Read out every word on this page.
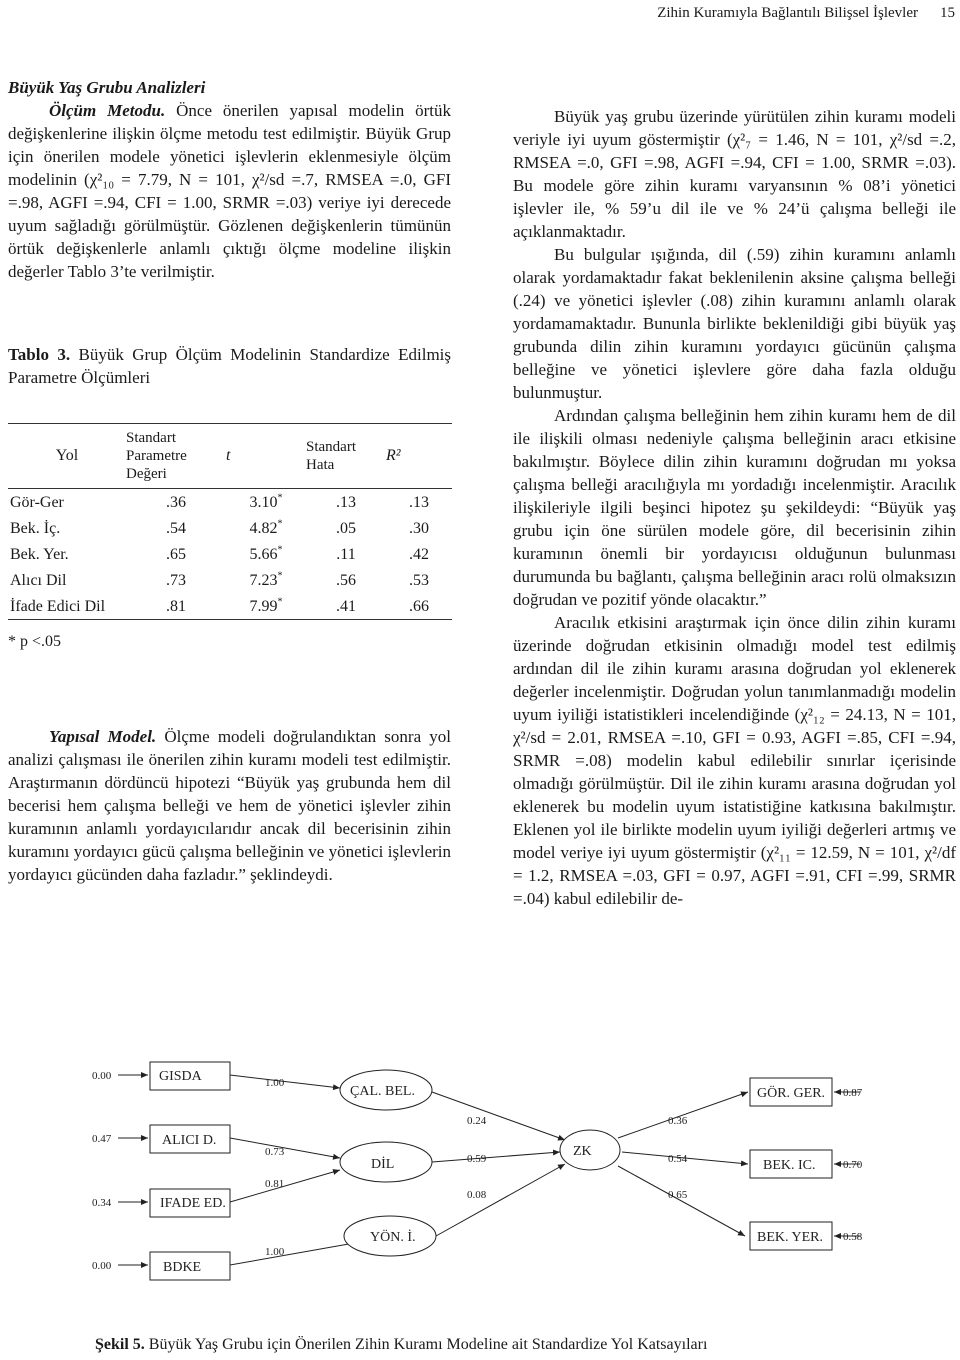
Zihin Kuramıyla Bağlantılı Bilişsel İşlevler 15

Büyük Yaş Grubu Analizleri

Ölçüm Metodu. Önce önerilen yapısal modelin örtük değişkenlerine ilişkin ölçme metodu test edilmiştir. Büyük Grup için önerilen modele yönetici işlevlerin eklenmesiyle ölçüm modelinin (χ²₁₀ = 7.79, N = 101, χ²/sd =.7, RMSEA =.0, GFI =.98, AGFI =.94, CFI = 1.00, SRMR =.03) veriye iyi derecede uyum sağladığı görülmüştür. Gözlenen değişkenlerin tümünün örtük değişkenlerle anlamlı çıktığı ölçme modeline ilişkin değerler Tablo 3’te verilmiştir.

Tablo 3. Büyük Grup Ölçüm Modelinin Standardize Edilmiş Parametre Ölçümleri

Yol	Standart
Parametre
Değeri	t	Standart
Hata	R²
Gör-Ger	.36	3.10*	.13	.13
Bek. İç.	.54	4.82*	.05	.30
Bek. Yer.	.65	5.66*	.11	.42
Alıcı Dil	.73	7.23*	.56	.53
İfade Edici Dil	.81	7.99*	.41	.66

* p <.05

Yapısal Model. Ölçme modeli doğrulandıktan sonra yol analizi çalışması ile önerilen zihin kuramı modeli test edilmiştir. Araştırmanın dördüncü hipotezi “Büyük yaş grubunda hem dil becerisi hem çalışma belleği ve hem de yönetici işlevler zihin kuramının anlamlı yordayıcılarıdır ancak dil becerisinin zihin kuramını yordayıcı gücü çalışma belleğinin ve yönetici işlevlerin yordayıcı gücünden daha fazladır.” şeklindeydi.

Büyük yaş grubu üzerinde yürütülen zihin kuramı modeli veriyle iyi uyum göstermiştir (χ²₇ = 1.46, N = 101, χ²/sd =.2, RMSEA =.0, GFI =.98, AGFI =.94, CFI = 1.00, SRMR =.03). Bu modele göre zihin kuramı varyansının % 08’i yönetici işlevler ile, % 59’u dil ile ve % 24’ü çalışma belleği ile açıklanmaktadır.

Bu bulgular ışığında, dil (.59) zihin kuramını anlamlı olarak yordamaktadır fakat beklenilenin aksine çalışma belleği (.24) ve yönetici işlevler (.08) zihin kuramını anlamlı olarak yordamamaktadır. Bununla birlikte beklenildiği gibi büyük yaş grubunda dilin zihin kuramını yordayıcı gücünün çalışma belleğine ve yönetici işlevlere göre daha fazla olduğu bulunmuştur.

Ardından çalışma belleğinin hem zihin kuramı hem de dil ile ilişkili olması nedeniyle çalışma belleğinin aracı etkisine bakılmıştır. Böylece dilin zihin kuramını doğrudan mı yoksa çalışma belleği aracılığıyla mı yordadığı incelenmiştir. Aracılık ilişkileriyle ilgili beşinci hipotez şu şekildeydi: “Büyük yaş grubu için öne sürülen modele göre, dil becerisinin zihin kuramının önemli bir yordayıcısı olduğunun bulunması durumunda bu bağlantı, çalışma belleğinin aracı rolü olmaksızın doğrudan ve pozitif yönde olacaktır.”

Aracılık etkisini araştırmak için önce dilin zihin kuramı üzerinde doğrudan etkisinin olmadığı model test edilmiş ardından dil ile zihin kuramı arasına doğrudan yol eklenerek değerler incelenmiştir. Doğrudan yolun tanımlanmadığı modelin uyum iyiliği istatistikleri incelendiğinde (χ²₁₂ = 24.13, N = 101, χ²/sd = 2.01, RMSEA =.10, GFI = 0.93, AGFI =.85, CFI =.94, SRMR =.08) modelin kabul edilebilir sınırlar içerisinde olmadığı görülmüştür. Dil ile zihin kuramı arasına doğrudan yol eklenerek bu modelin uyum istatistiğine katkısına bakılmıştır. Eklenen yol ile birlikte modelin uyum iyiliği değerleri artmış ve model veriye iyi uyum göstermiştir (χ²₁₁ = 12.59, N = 101, χ²/df = 1.2, RMSEA =.03, GFI = 0.97, AGFI =.91, CFI =.99, SRMR =.04) kabul edilebilir de-

GISDA
ALICI D.
IFADE ED.
BDKE
ÇAL. BEL.
DİL
YÖN. İ.
ZK
GÖR. GER.
BEK. IC.
BEK. YER.
0.00
0.47
0.34
0.00
1.00
0.73
0.81
1.00
0.24
0.59
0.08
0.36
0.54
0.65
0.87
0.70
0.58
Şekil 5. Büyük Yaş Grubu için Önerilen Zihin Kuramı Modeline ait Standardize Yol Katsayıları
